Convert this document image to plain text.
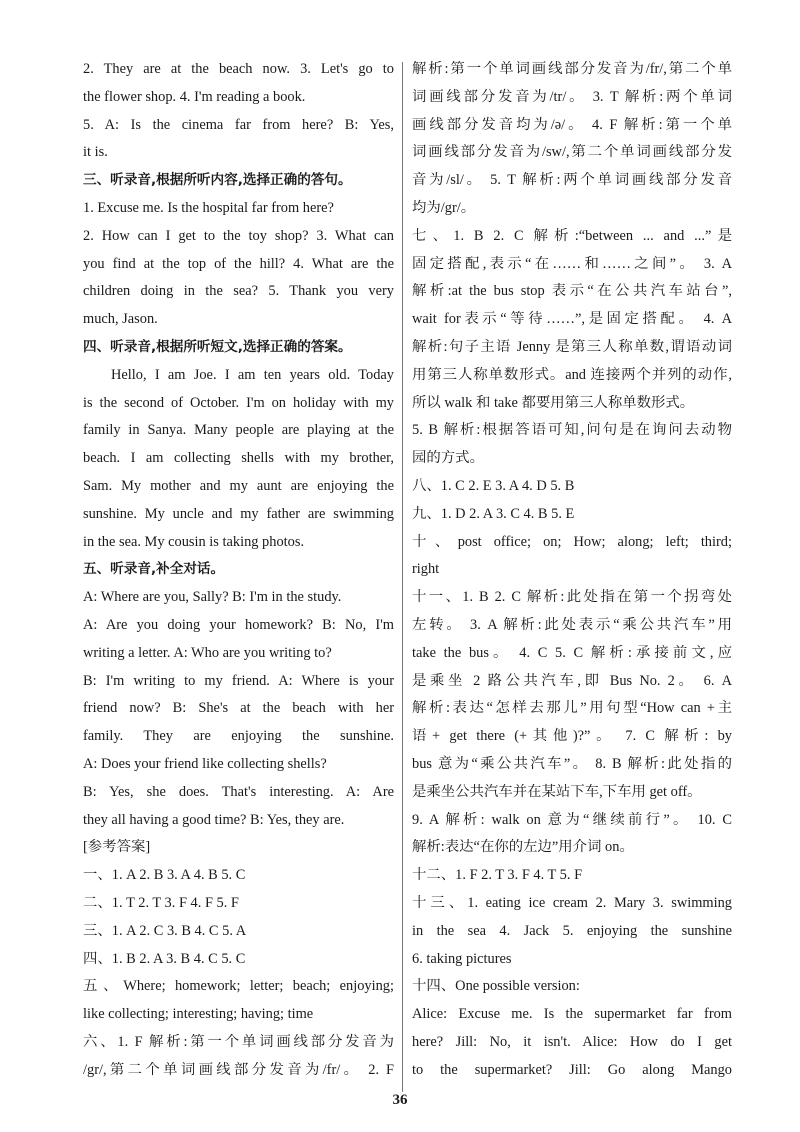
2. They are at the beach now. 3. Let's go to
the flower shop. 4. I'm reading a book.
5. A: Is the cinema far from here? B: Yes,
it is.
三、听录音,根据所听内容,选择正确的答句。
1. Excuse me. Is the hospital far from here?
2. How can I get to the toy shop? 3. What can
you find at the top of the hill? 4. What are the
children doing in the sea? 5. Thank you very
much, Jason.
四、听录音,根据所听短文,选择正确的答案。
Hello, I am Joe. I am ten years old. Today
is the second of October. I'm on holiday with my
family in Sanya. Many people are playing at the
beach. I am collecting shells with my brother,
Sam. My mother and my aunt are enjoying the
sunshine. My uncle and my father are swimming
in the sea. My cousin is taking photos.
五、听录音,补全对话。
A: Where are you, Sally? B: I'm in the study.
A: Are you doing your homework? B: No, I'm
writing a letter. A: Who are you writing to?
B: I'm writing to my friend. A: Where is your
friend now? B: She's at the beach with her
family. They are enjoying the sunshine.
A: Does your friend like collecting shells?
B: Yes, she does. That's interesting. A: Are
they all having a good time? B: Yes, they are.
[参考答案]
一、1. A 2. B 3. A 4. B 5. C
二、1. T 2. T 3. F 4. F 5. F
三、1. A 2. C 3. B 4. C 5. A
四、1. B 2. A 3. B 4. C 5. C
五、Where; homework; letter; beach; enjoying;
like collecting; interesting; having; time
六、1. F 解析:第一个单词画线部分发音为
/gr/,第二个单词画线部分发音为/fr/。 2. F
解析:第一个单词画线部分发音为/fr/,第二个单
词画线部分发音为/tr/。 3. T 解析:两个单词
画线部分发音均为/ə/。 4. F 解析:第一个单
词画线部分发音为/sw/,第二个单词画线部分发
音为/sl/。 5. T 解析:两个单词画线部分发音
均为/gr/。
七、1. B 2. C 解析:“between ... and ...”是
固定搭配,表示“在……和……之间”。 3. A
解析:at the bus stop 表示“在公共汽车站台”,
wait for表示“等待……”,是固定搭配。 4. A
解析:句子主语 Jenny 是第三人称单数,谓语动词
用第三人称单数形式。and 连接两个并列的动作,
所以 walk 和 take 都要用第三人称单数形式。
5. B 解析:根据答语可知,问句是在询问去动物
园的方式。
八、1. C 2. E 3. A 4. D 5. B
九、1. D 2. A 3. C 4. B 5. E
十、post office; on; How; along; left; third;
right
十一、1. B 2. C 解析:此处指在第一个拐弯处
左转。 3. A 解析:此处表示“乘公共汽车”用
take the bus。 4. C 5. C 解析:承接前文,应
是乘坐 2 路公共汽车,即 Bus No. 2。 6. A
解析:表达“怎样去那儿”用句型“How can +主
语+ get there (+其他)?”。 7. C 解析: by
bus 意为“乘公共汽车”。 8. B 解析:此处指的
是乘坐公共汽车并在某站下车,下车用 get off。
9. A 解析: walk on 意为“继续前行”。 10. C
解析:表达“在你的左边”用介词 on。
十二、1. F 2. T 3. F 4. T 5. F
十三、1. eating ice cream 2. Mary 3. swimming
in the sea 4. Jack 5. enjoying the sunshine
6. taking pictures
十四、One possible version:
Alice: Excuse me. Is the supermarket far from
here? Jill: No, it isn't. Alice: How do I get
to the supermarket? Jill: Go along Mango
36
